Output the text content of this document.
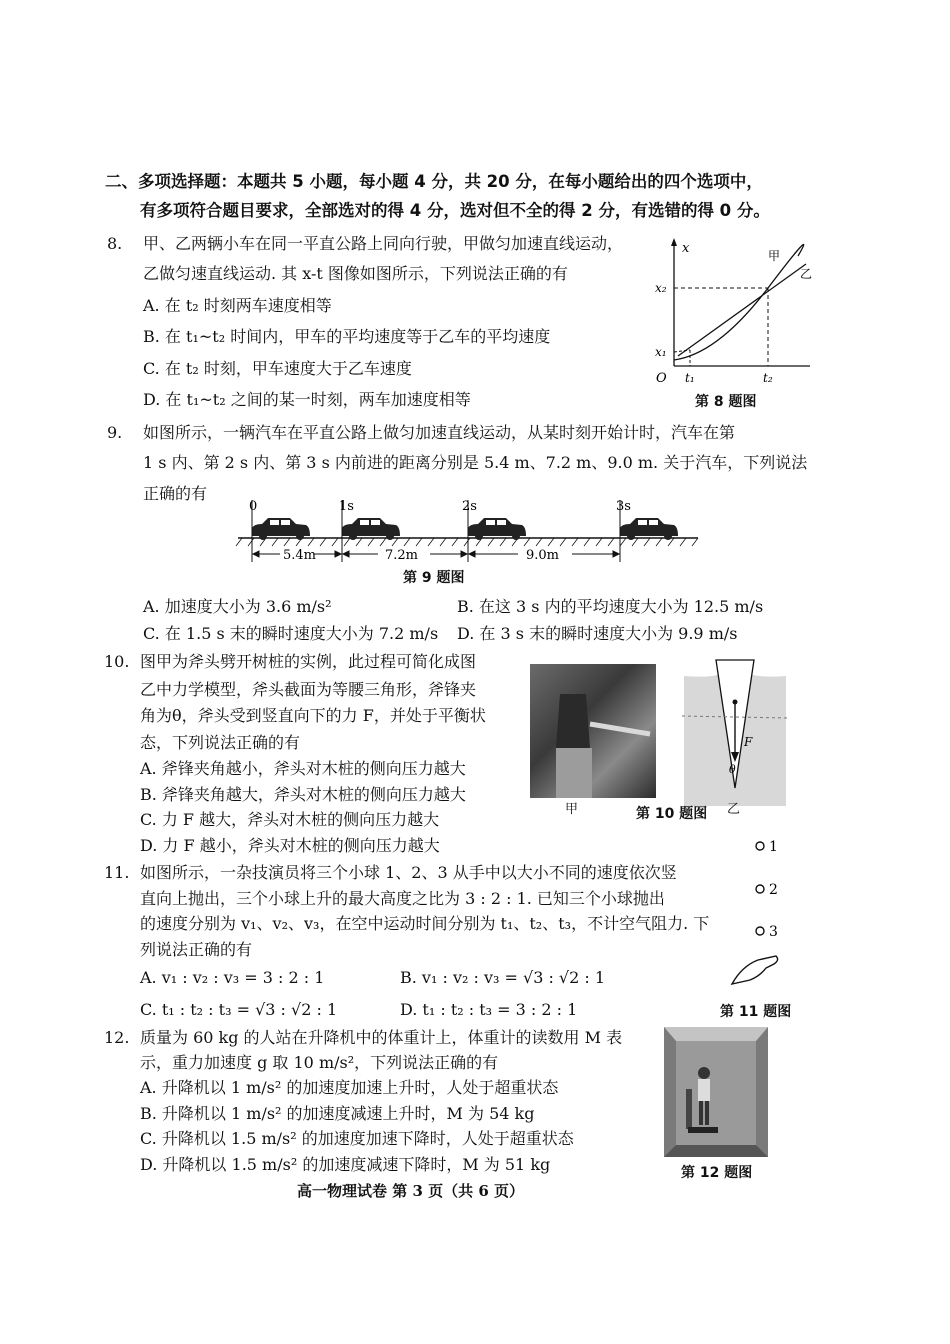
二、多项选择题：本题共 5 小题，每小题 4 分，共 20 分，在每小题给出的四个选项中，
有多项符合题目要求，全部选对的得 4 分，选对但不全的得 2 分，有选错的得 0 分。
8. 甲、乙两辆小车在同一平直公路上同向行驶，甲做匀加速直线运动，
乙做匀速直线运动. 其 x-t 图像如图所示，下列说法正确的有
A. 在 t₂ 时刻两车速度相等
B. 在 t₁~t₂ 时间内，甲车的平均速度等于乙车的平均速度
C. 在 t₂ 时刻，甲车速度大于乙车速度
D. 在 t₁~t₂ 之间的某一时刻，两车加速度相等
x
O
x₂
x₁
t₁	t₂
甲
乙
第 8 题图
9. 如图所示，一辆汽车在平直公路上做匀加速直线运动，从某时刻开始计时，汽车在第
1 s 内、第 2 s 内、第 3 s 内前进的距离分别是 5.4 m、7.2 m、9.0 m. 关于汽车，下列说法
正确的有
0	1s	2s	3s
5.4m	7.2m	9.0m
第 9 题图
A. 加速度大小为 3.6 m/s²	B. 在这 3 s 内的平均速度大小为 12.5 m/s
C. 在 1.5 s 末的瞬时速度大小为 7.2 m/s D. 在 3 s 末的瞬时速度大小为 9.9 m/s
10. 图甲为斧头劈开树桩的实例，此过程可简化成图
乙中力学模型，斧头截面为等腰三角形，斧锋夹
角为θ，斧头受到竖直向下的力 F，并处于平衡状
态，下列说法正确的有
A. 斧锋夹角越小，斧头对木桩的侧向压力越大
B. 斧锋夹角越大，斧头对木桩的侧向压力越大
C. 力 F 越大，斧头对木桩的侧向压力越大
D. 力 F 越小，斧头对木桩的侧向压力越大
甲
F
θ
第 10 题图 乙
11. 如图所示，一杂技演员将三个小球 1、2、3 从手中以大小不同的速度依次竖
直向上抛出，三个小球上升的最大高度之比为 3 : 2 : 1. 已知三个小球抛出
的速度分别为 v₁、v₂、v₃，在空中运动时间分别为 t₁、t₂、t₃，不计空气阻力. 下
列说法正确的有
A. v₁ : v₂ : v₃ = 3 : 2 : 1	B. v₁ : v₂ : v₃ = √3 : √2 : 1
C. t₁ : t₂ : t₃ = √3 : √2 : 1	D. t₁ : t₂ : t₃ = 3 : 2 : 1
1
2
3
第 11 题图
12. 质量为 60 kg 的人站在升降机中的体重计上，体重计的读数用 M 表
示，重力加速度 g 取 10 m/s²，下列说法正确的有
A. 升降机以 1 m/s² 的加速度加速上升时，人处于超重状态
B. 升降机以 1 m/s² 的加速度减速上升时，M 为 54 kg
C. 升降机以 1.5 m/s² 的加速度加速下降时，人处于超重状态
D. 升降机以 1.5 m/s² 的加速度减速下降时，M 为 51 kg	第 12 题图
高一物理试卷 第 3 页（共 6 页）
